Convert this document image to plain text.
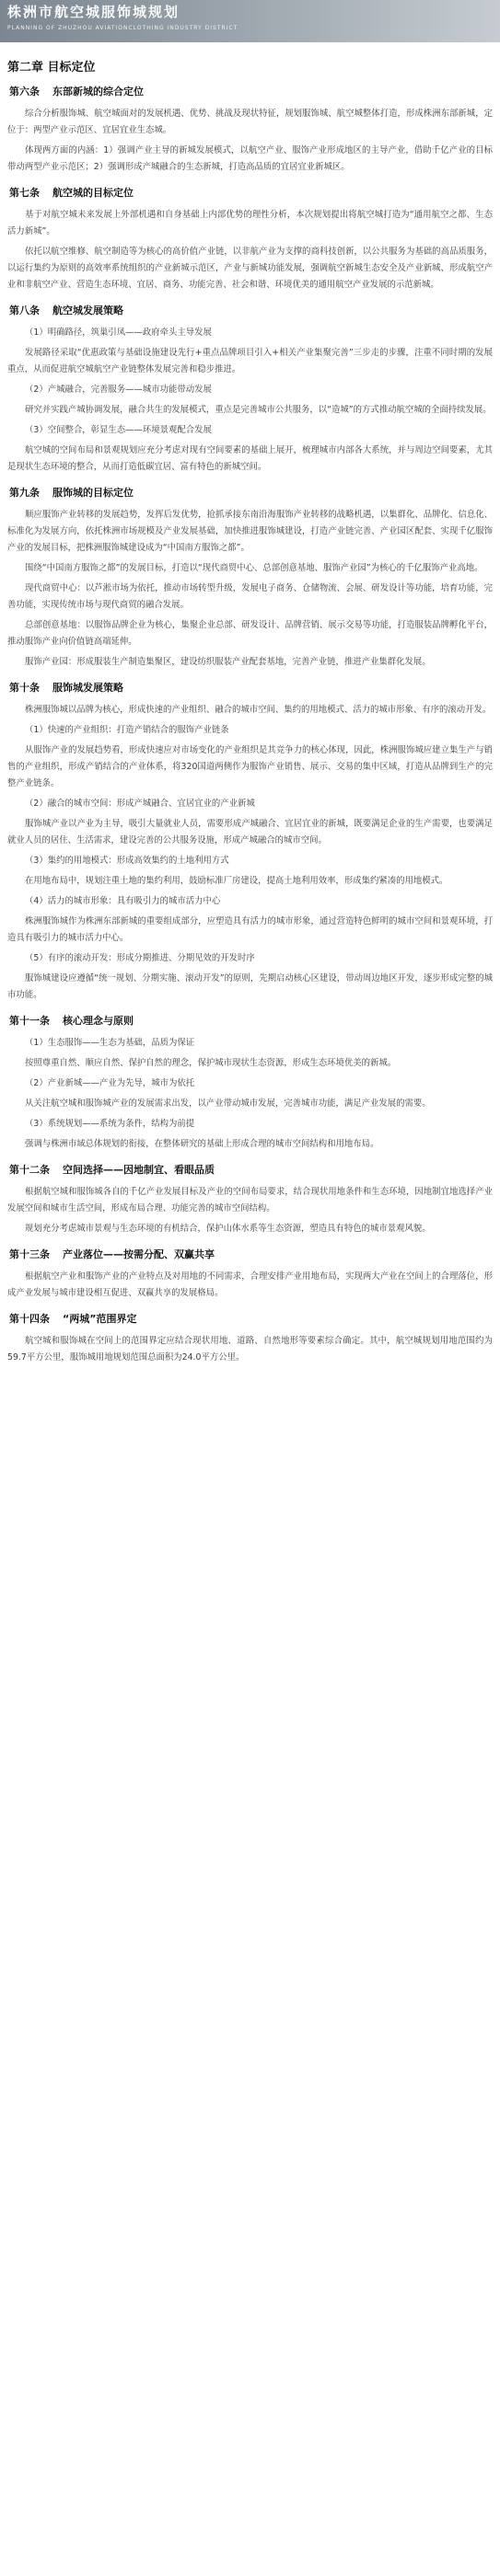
株洲市航空城服饰城规划
PLANNING OF ZHUZHOU AVIATIONCLOTHING INDUSTRY DISTRICT
第二章 目标定位
第六条 东部新城的综合定位

综合分析服饰城、航空城面对的发展机遇、优势、挑战及现状特征，规划服饰城、航空城整体打造，形成株洲东部新城，定位于：两型产业示范区、宜居宜业生态城。

体现两方面的内涵：1）强调产业主导的新城发展模式，以航空产业、服饰产业形成地区的主导产业，借助千亿产业的目标带动两型产业示范区；2）强调形成产城融合的生态新城，打造高品质的宜居宜业新城区。

第七条 航空城的目标定位

基于对航空城未来发展上外部机遇和自身基础上内部优势的理性分析，本次规划提出将航空城打造为“通用航空之都、生态活力新城”。

依托以航空维修、航空制造等为核心的高价值产业链，以非航产业为支撑的商科技创新，以公共服务为基础的高品质服务，以运行集约为原则的高效率系统组织的产业新城示范区，产业与新城功能发展，强调航空新城生态安全及产业新城、形成航空产业和非航空产业、营造生态环境、宜居、商务、功能完善、社会和谐、环境优美的通用航空产业发展的示范新城。

第八条 航空城发展策略

（1）明确路径，筑巢引凤——政府牵头主导发展

发展路径采取“优惠政策与基础设施建设先行+重点品牌项目引入+相关产业集聚完善”三步走的步骤，注重不同时期的发展重点，从而促进航空城航空产业链整体发展完善和稳步推进。

（2）产城融合，完善服务——城市功能带动发展

研究并实践产城协调发展，融合共生的发展模式，重点是完善城市公共服务，以“造城”的方式推动航空城的全面持续发展。

（3）空间整合，彰显生态——环境景观配合发展

航空城的空间布局和景观规划应充分考虑对现有空间要素的基础上展开，梳理城市内部各大系统，并与周边空间要素，尤其是现状生态环境的整合，从而打造低碳宜居、富有特色的新城空间。

第九条 服饰城的目标定位

顺应服饰产业转移的发展趋势，发挥后发优势，抢抓承接东南沿海服饰产业转移的战略机遇，以集群化、品牌化、信息化、标准化为发展方向，依托株洲市场规模及产业发展基础，加快推进服饰城建设，打造产业链完善、产业园区配套、实现千亿服饰产业的发展目标，把株洲服饰城建设成为“中国南方服饰之都”。

围绕“中国南方服饰之都”的发展目标，打造以“现代商贸中心、总部创意基地、服饰产业园”为核心的千亿服饰产业高地。

现代商贸中心：以芦淞市场为依托，推动市场转型升级，发展电子商务、仓储物流、会展、研发设计等功能，培育功能，完善功能，实现传统市场与现代商贸的融合发展。

总部创意基地：以服饰品牌企业为核心，集聚企业总部、研发设计、品牌营销、展示交易等功能，打造服装品牌孵化平台，推动服饰产业向价值链高端延伸。

服饰产业园：形成服装生产制造集聚区，建设纺织服装产业配套基地，完善产业链，推进产业集群化发展。

第十条 服饰城发展策略

株洲服饰城以品牌为核心，形成快速的产业组织、融合的城市空间、集约的用地模式、活力的城市形象、有序的滚动开发。

（1）快速的产业组织：打造产销结合的服饰产业链条

从服饰产业的发展趋势看，形成快速应对市场变化的产业组织是其竞争力的核心体现，因此，株洲服饰城应建立集生产与销售的产业组织，形成产销结合的产业体系，将320国道两侧作为服饰产业销售、展示、交易的集中区域，打造从品牌到生产的完整产业链条。

（2）融合的城市空间：形成产城融合、宜居宜业的产业新城

服饰城产业以产业为主导，吸引大量就业人员，需要形成产城融合、宜居宜业的新城，既要满足企业的生产需要，也要满足就业人员的居住、生活需求，建设完善的公共服务设施，形成产城融合的城市空间。

（3）集约的用地模式：形成高效集约的土地利用方式

在用地布局中，规划注重土地的集约利用，鼓励标准厂房建设，提高土地利用效率，形成集约紧凑的用地模式。

（4）活力的城市形象：具有吸引力的城市活力中心

株洲服饰城作为株洲东部新城的重要组成部分，应塑造具有活力的城市形象，通过营造特色鲜明的城市空间和景观环境，打造具有吸引力的城市活力中心。

（5）有序的滚动开发：形成分期推进、分期见效的开发时序

服饰城建设应遵循“统一规划、分期实施、滚动开发”的原则，先期启动核心区建设，带动周边地区开发，逐步形成完整的城市功能。

第十一条 核心理念与原则

（1）生态服饰——生态为基础，品质为保证

按照尊重自然、顺应自然、保护自然的理念，保护城市现状生态资源，形成生态环境优美的新城。

（2）产业新城——产业为先导，城市为依托

从关注航空城和服饰城产业的发展需求出发，以产业带动城市发展，完善城市功能，满足产业发展的需要。

（3）系统规划——系统为条件，结构为前提

强调与株洲市域总体规划的衔接，在整体研究的基础上形成合理的城市空间结构和用地布局。

第十二条 空间选择——因地制宜、看眼品质

根据航空城和服饰城各自的千亿产业发展目标及产业的空间布局要求，结合现状用地条件和生态环境，因地制宜地选择产业发展空间和城市生活空间，形成布局合理、功能完善的城市空间结构。

规划充分考虑城市景观与生态环境的有机结合，保护山体水系等生态资源，塑造具有特色的城市景观风貌。

第十三条 产业落位——按需分配、双赢共享

根据航空产业和服饰产业的产业特点及对用地的不同需求，合理安排产业用地布局，实现两大产业在空间上的合理落位，形成产业发展与城市建设相互促进、双赢共享的发展格局。

第十四条 “两城”范围界定

航空城和服饰城在空间上的范围界定应结合现状用地、道路、自然地形等要素综合确定。其中，航空城规划用地范围约为59.7平方公里，服饰城用地规划范围总面积为24.0平方公里。
